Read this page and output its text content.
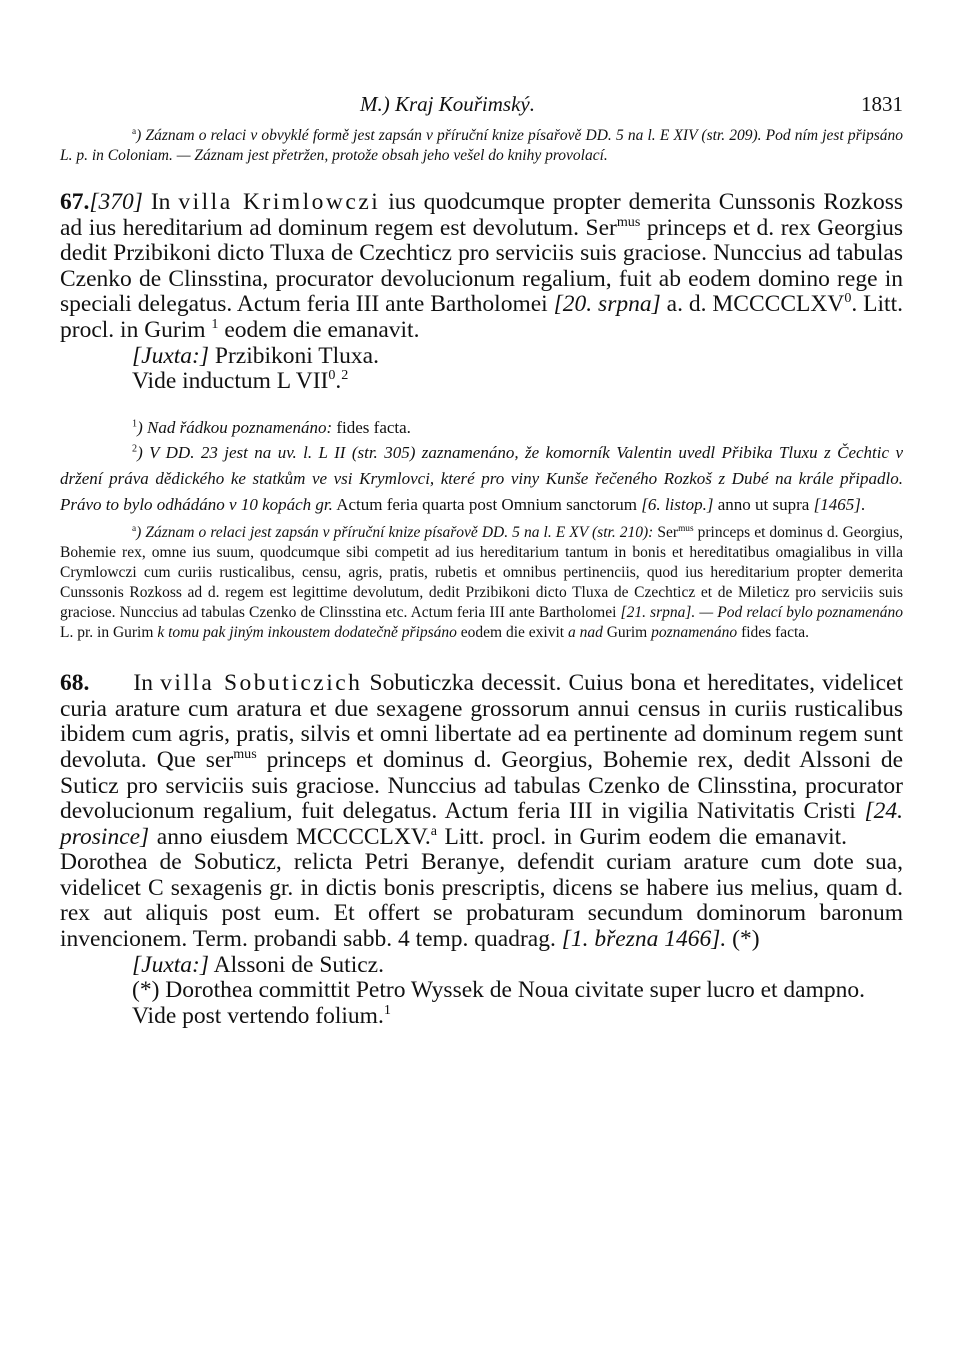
M.) Kraj Kouřimský.	1831

$^a$) Záznam o relaci v obvyklé formě jest zapsán v příruční knize písařově DD. 5 na l. E XIV (str. 209). Pod ním jest připsáno L. p. in Coloniam. — Záznam jest přetržen, protože obsah jeho vešel do knihy provolací.

67.[370] In villa Krimlowczi ius quodcumque propter demerita Cunssonis Rozkoss ad ius hereditarium ad dominum regem est devolutum. Ser$^{mus}$ princeps et d. rex Georgius dedit Przibikoni dicto Tluxa de Czechticz pro serviciis suis graciose. Nunccius ad tabulas Czenko de Clinsstina, procurator devolucionum regalium, fuit ab eodem domino rege in speciali delegatus. Actum feria III ante Bartholomei [20. srpna] a. d. MCCCCLXV$^0$. Litt. procl. in Gurim $^1$ eodem die emanavit.

[Juxta:] Przibikoni Tluxa.

Vide inductum L VII$^0$.$^2$

$^1$) Nad řádkou poznamenáno: fides facta.

$^2$) V DD. 23 jest na uv. l. L II (str. 305) zaznamenáno, že komorník Valentin uvedl Přibika Tluxu z Čechtic v držení práva dědického ke statkům ve vsi Krymlovci, které pro viny Kunše řečeného Rozkoš z Dubé na krále připadlo. Právo to bylo odhádáno v 10 kopách gr. Actum feria quarta post Omnium sanctorum [6. listop.] anno ut supra [1465].

$^a$) Záznam o relaci jest zapsán v příruční knize písařově DD. 5 na l. E XV (str. 210): Ser$^{mus}$ princeps et dominus d. Georgius, Bohemie rex, omne ius suum, quodcumque sibi competit ad ius hereditarium tantum in bonis et hereditatibus omagialibus in villa Crymlowczi cum curiis rusticalibus, censu, agris, pratis, rubetis et omnibus pertinenciis, quod ius hereditarium propter demerita Cunssonis Rozkoss ad d. regem est legittime devolutum, dedit Przibikoni dicto Tluxa de Czechticz et de Mileticz pro serviciis suis graciose. Nunccius ad tabulas Czenko de Clinsstina etc. Actum feria III ante Bartholomei [21. srpna]. — Pod relací bylo poznamenáno L. pr. in Gurim k tomu pak jiným inkoustem dodatečně připsáno eodem die exivit a nad Gurim poznamenáno fides facta.

68. In villa Sobuticzich Sobuticzka decessit. Cuius bona et hereditates, videlicet curia arature cum aratura et due sexagene grossorum annui census in curiis rusticalibus ibidem cum agris, pratis, silvis et omni libertate ad ea pertinente ad dominum regem sunt devoluta. Que ser$^{mus}$ princeps et dominus d. Georgius, Bohemie rex, dedit Alssoni de Suticz pro serviciis suis graciose. Nunccius ad tabulas Czenko de Clinsstina, procurator devolucionum regalium, fuit delegatus. Actum feria III in vigilia Nativitatis Cristi [24. prosince] anno eiusdem MCCCCLXV.$^a$ Litt. procl. in Gurim eodem die emanavit.Dorothea de Sobuticz, relicta Petri Beranye, defendit curiam arature cum dote sua, videlicet C sexagenis gr. in dictis bonis prescriptis, dicens se habere ius melius, quam d. rex aut aliquis post eum. Et offert se probaturam secundum dominorum baronum invencionem. Term. probandi sabb. 4 temp. quadrag. [1. března 1466]. (*)

[Juxta:] Alssoni de Suticz.

(*) Dorothea committit Petro Wyssek de Noua civitate super lucro et dampno.

Vide post vertendo folium.$^1$
